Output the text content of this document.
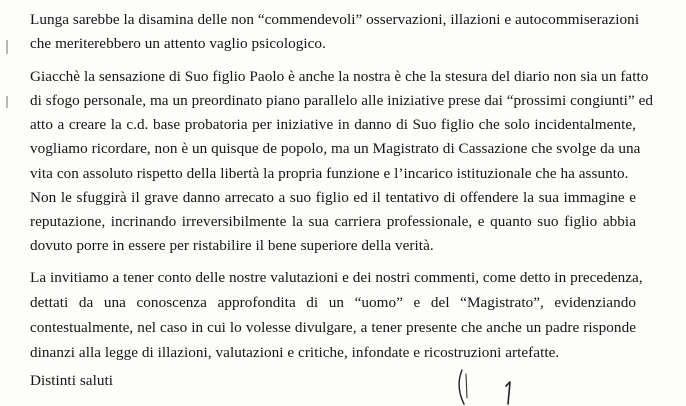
Lunga sarebbe la disamina delle non “commendevoli” osservazioni, illazioni e autocommiserazioni

che meriterebbero un attento vaglio psicologico.

Giacchè la sensazione di Suo figlio Paolo è anche la nostra è che la stesura del diario non sia un fatto

di sfogo personale, ma un preordinato piano parallelo alle iniziative prese dai “prossimi congiunti” ed

atto a creare la c.d. base probatoria per iniziative in danno di Suo figlio che solo incidentalmente,

vogliamo ricordare, non è un quisque de popolo, ma un Magistrato di Cassazione che svolge da una

vita con assoluto rispetto della libertà la propria funzione e l’incarico istituzionale che ha assunto.

Non le sfuggirà il grave danno arrecato a suo figlio ed il tentativo di offendere la sua immagine e

reputazione, incrinando irreversibilmente la sua carriera professionale, e quanto suo figlio abbia

dovuto porre in essere per ristabilire il bene superiore della verità.

La invitiamo a tener conto delle nostre valutazioni e dei nostri commenti, come detto in precedenza,

dettati da una conoscenza approfondita di un “uomo” e del “Magistrato”, evidenziando

contestualmente, nel caso in cui lo volesse divulgare, a tener presente che anche un padre risponde

dinanzi alla legge di illazioni, valutazioni e critiche, infondate e ricostruzioni artefatte.

Distinti saluti
